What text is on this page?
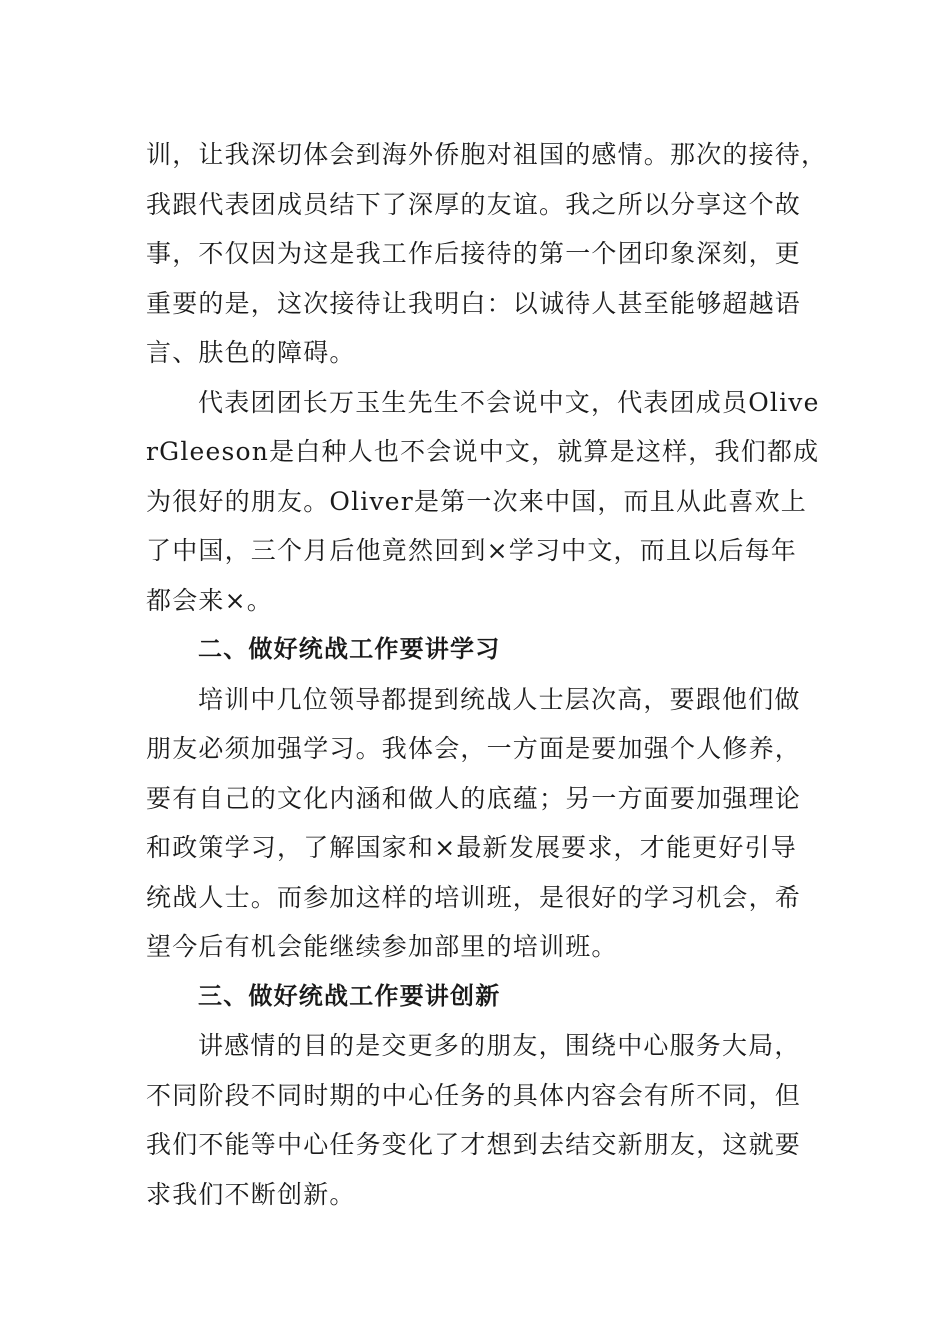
训，让我深切体会到海外侨胞对祖国的感情。那次的接待，
我跟代表团成员结下了深厚的友谊。我之所以分享这个故
事，不仅因为这是我工作后接待的第一个团印象深刻，更
重要的是，这次接待让我明白：以诚待人甚至能够超越语
言、肤色的障碍。

代表团团长万玉生先生不会说中文，代表团成员Olive
rGleeson是白种人也不会说中文，就算是这样，我们都成
为很好的朋友。Oliver是第一次来中国，而且从此喜欢上
了中国，三个月后他竟然回到×学习中文，而且以后每年
都会来×。

二、做好统战工作要讲学习

培训中几位领导都提到统战人士层次高，要跟他们做
朋友必须加强学习。我体会，一方面是要加强个人修养，
要有自己的文化内涵和做人的底蕴；另一方面要加强理论
和政策学习，了解国家和×最新发展要求，才能更好引导
统战人士。而参加这样的培训班，是很好的学习机会，希
望今后有机会能继续参加部里的培训班。

三、做好统战工作要讲创新

讲感情的目的是交更多的朋友，围绕中心服务大局，
不同阶段不同时期的中心任务的具体内容会有所不同，但
我们不能等中心任务变化了才想到去结交新朋友，这就要
求我们不断创新。
